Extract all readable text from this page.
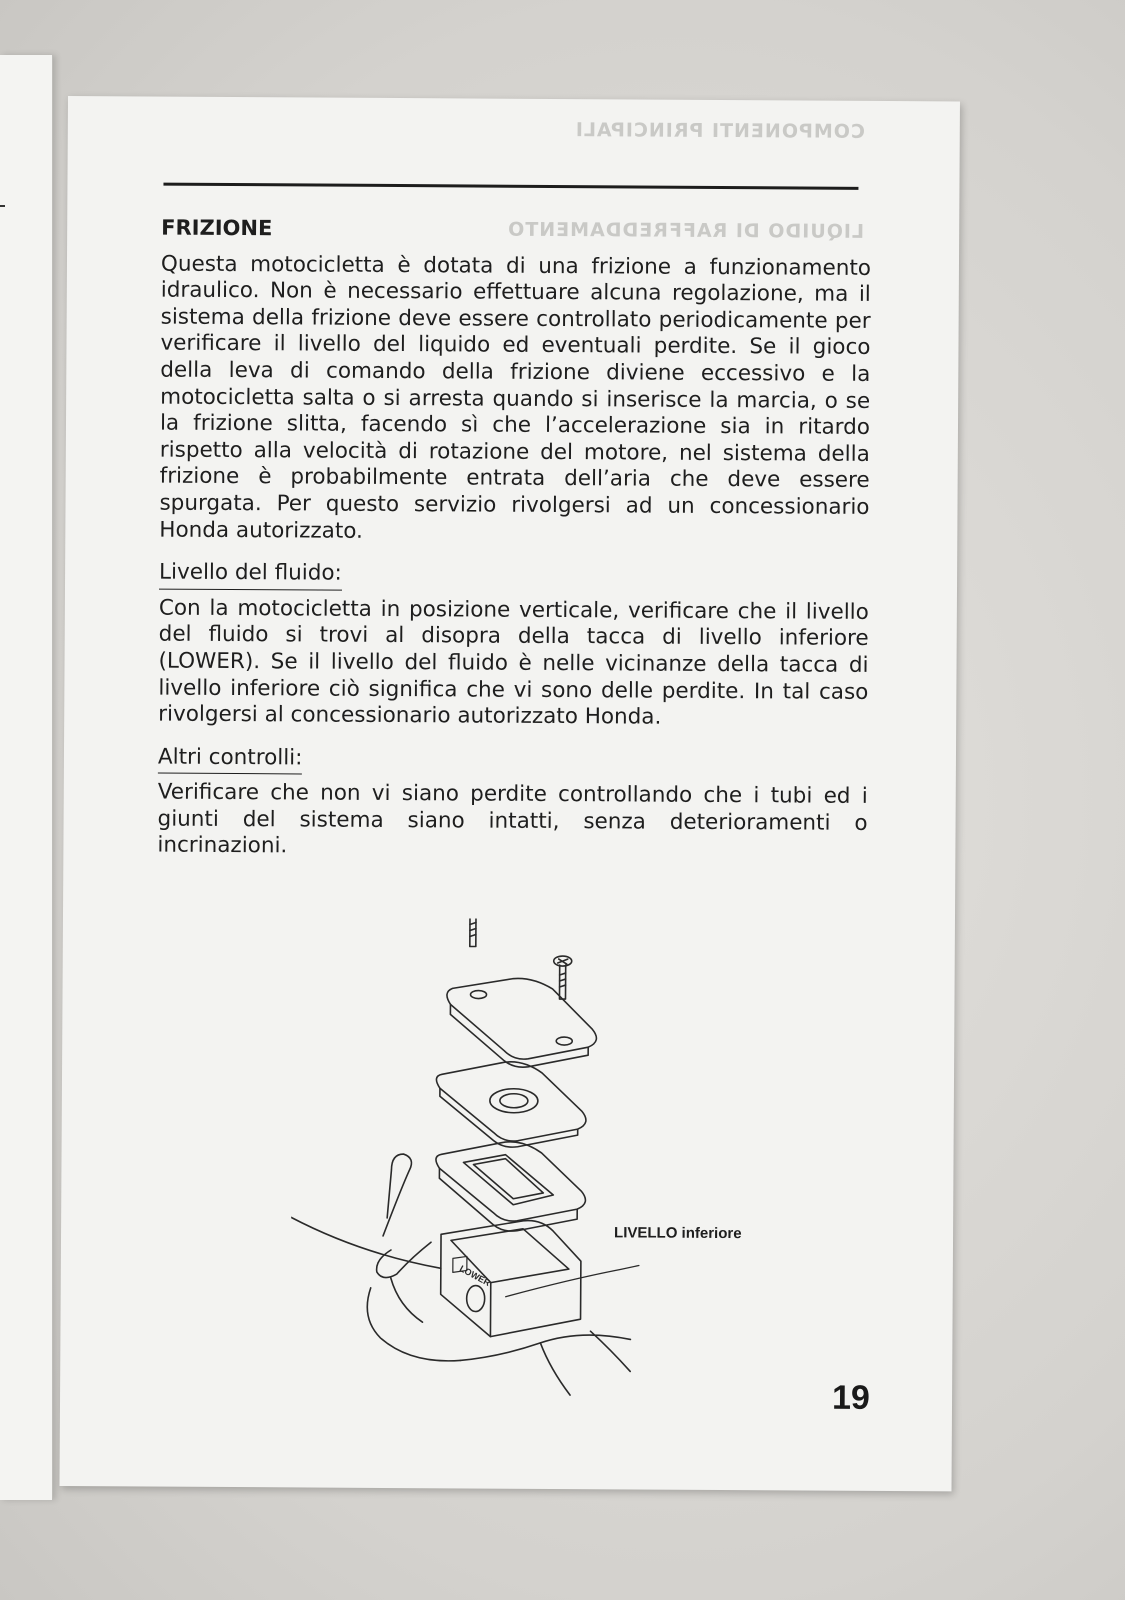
COMPONENTI PRINCIPALI
LIQUIDO DI RAFFREDDAMENTO
FRIZIONE

Questa motocicletta è dotata di una frizione a funzionamento idraulico. Non è necessario effettuare alcuna regolazione, ma il sistema della frizione deve essere controllato periodicamente per verificare il livello del liquido ed eventuali perdite. Se il gioco della leva di comando della frizione diviene eccessivo e la motocicletta salta o si arresta quando si inserisce la marcia, o se la frizione slitta, facendo sì che l’accelerazione sia in ritardo rispetto alla velocità di rotazione del motore, nel sistema della frizione è probabilmente entrata dell’aria che deve essere spurgata. Per questo servizio rivolgersi ad un concessionario Honda autorizzato.

Livello del fluido:

Con la motocicletta in posizione verticale, verificare che il livello del fluido si trovi al disopra della tacca di livello inferiore (LOWER). Se il livello del fluido è nelle vicinanze della tacca di livello inferiore ciò significa che vi sono delle perdite. In tal caso rivolgersi al concessionario autorizzato Honda.

Altri controlli:

Verificare che non vi siano perdite controllando che i tubi ed i giunti del sistema siano intatti, senza deterioramenti o incrinazioni.

LOWER
LIVELLO inferiore
19
